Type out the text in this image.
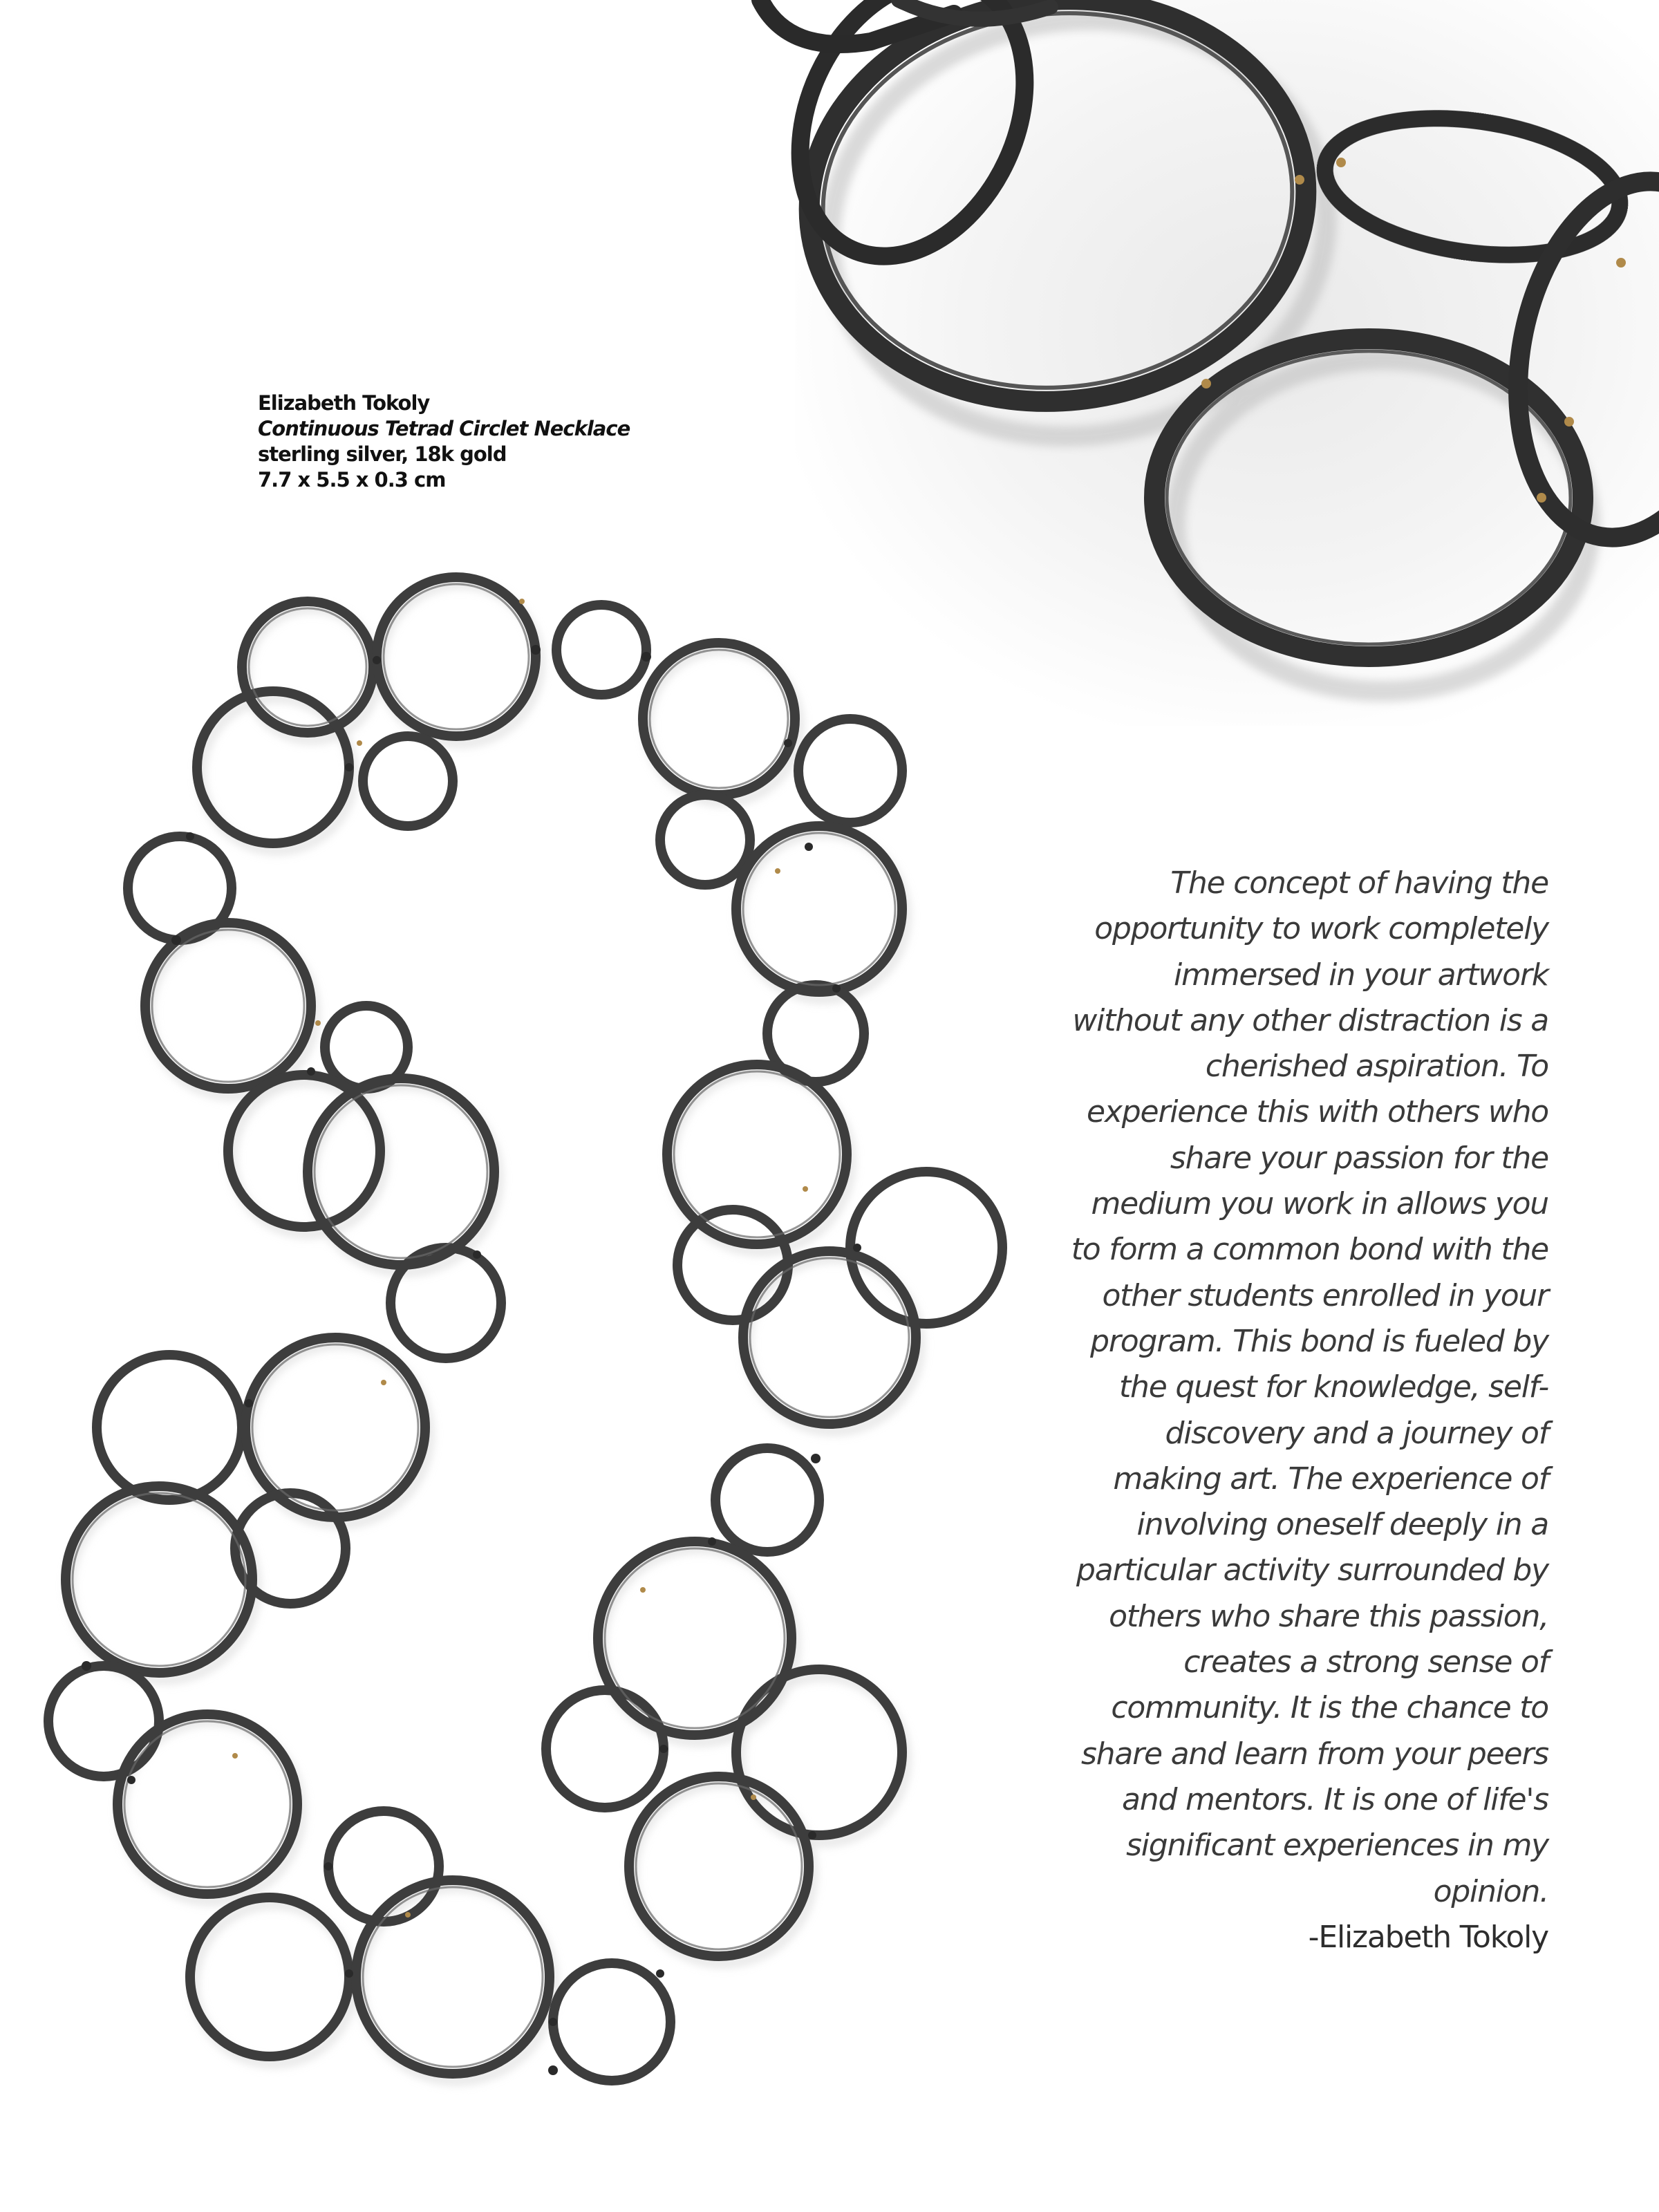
Elizabeth Tokoly
Continuous Tetrad Circlet Necklace
sterling silver, 18k gold
7.7 x 5.5 x 0.3 cm
The concept of having the
opportunity to work completely
immersed in your artwork
without any other distraction is a
cherished aspiration. To
experience this with others who
share your passion for the
medium you work in allows you
to form a common bond with the
other students enrolled in your
program. This bond is fueled by
the quest for knowledge, self-
discovery and a journey of
making art. The experience of
involving oneself deeply in a
particular activity surrounded by
others who share this passion,
creates a strong sense of
community. It is the chance to
share and learn from your peers
and mentors. It is one of life's
significant experiences in my
opinion.
-Elizabeth Tokoly
